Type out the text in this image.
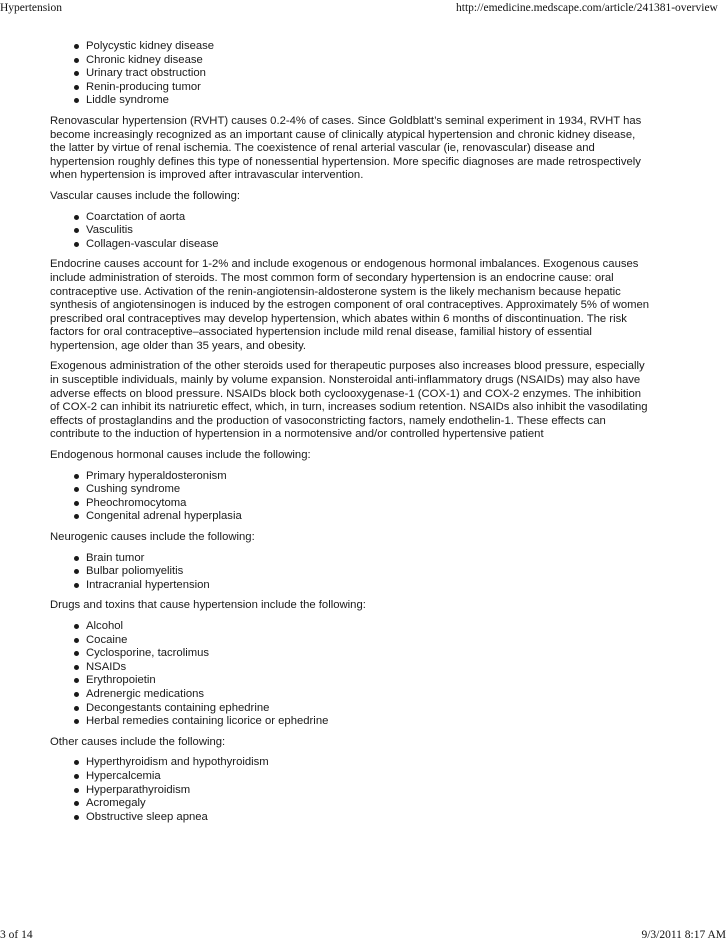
Hypertension	http://emedicine.medscape.com/article/241381-overview
Polycystic kidney disease
Chronic kidney disease
Urinary tract obstruction
Renin-producing tumor
Liddle syndrome

Renovascular hypertension (RVHT) causes 0.2-4% of cases. Since Goldblatt’s seminal experiment in 1934, RVHT has become increasingly recognized as an important cause of clinically atypical hypertension and chronic kidney disease, the latter by virtue of renal ischemia. The coexistence of renal arterial vascular (ie, renovascular) disease and hypertension roughly defines this type of nonessential hypertension. More specific diagnoses are made retrospectively when hypertension is improved after intravascular intervention.

Vascular causes include the following:

Coarctation of aorta
Vasculitis
Collagen-vascular disease

Endocrine causes account for 1-2% and include exogenous or endogenous hormonal imbalances. Exogenous causes include administration of steroids. The most common form of secondary hypertension is an endocrine cause: oral contraceptive use. Activation of the renin-angiotensin-aldosterone system is the likely mechanism because hepatic synthesis of angiotensinogen is induced by the estrogen component of oral contraceptives. Approximately 5% of women prescribed oral contraceptives may develop hypertension, which abates within 6 months of discontinuation. The risk factors for oral contraceptive–associated hypertension include mild renal disease, familial history of essential hypertension, age older than 35 years, and obesity.

Exogenous administration of the other steroids used for therapeutic purposes also increases blood pressure, especially in susceptible individuals, mainly by volume expansion. Nonsteroidal anti-inflammatory drugs (NSAIDs) may also have adverse effects on blood pressure. NSAIDs block both cyclooxygenase-1 (COX-1) and COX-2 enzymes. The inhibition of COX-2 can inhibit its natriuretic effect, which, in turn, increases sodium retention. NSAIDs also inhibit the vasodilating effects of prostaglandins and the production of vasoconstricting factors, namely endothelin-1. These effects can contribute to the induction of hypertension in a normotensive and/or controlled hypertensive patient

Endogenous hormonal causes include the following:

Primary hyperaldosteronism
Cushing syndrome
Pheochromocytoma
Congenital adrenal hyperplasia

Neurogenic causes include the following:

Brain tumor
Bulbar poliomyelitis
Intracranial hypertension

Drugs and toxins that cause hypertension include the following:

Alcohol
Cocaine
Cyclosporine, tacrolimus
NSAIDs
Erythropoietin
Adrenergic medications
Decongestants containing ephedrine
Herbal remedies containing licorice or ephedrine

Other causes include the following:

Hyperthyroidism and hypothyroidism
Hypercalcemia
Hyperparathyroidism
Acromegaly
Obstructive sleep apnea
3 of 14	9/3/2011 8:17 AM
